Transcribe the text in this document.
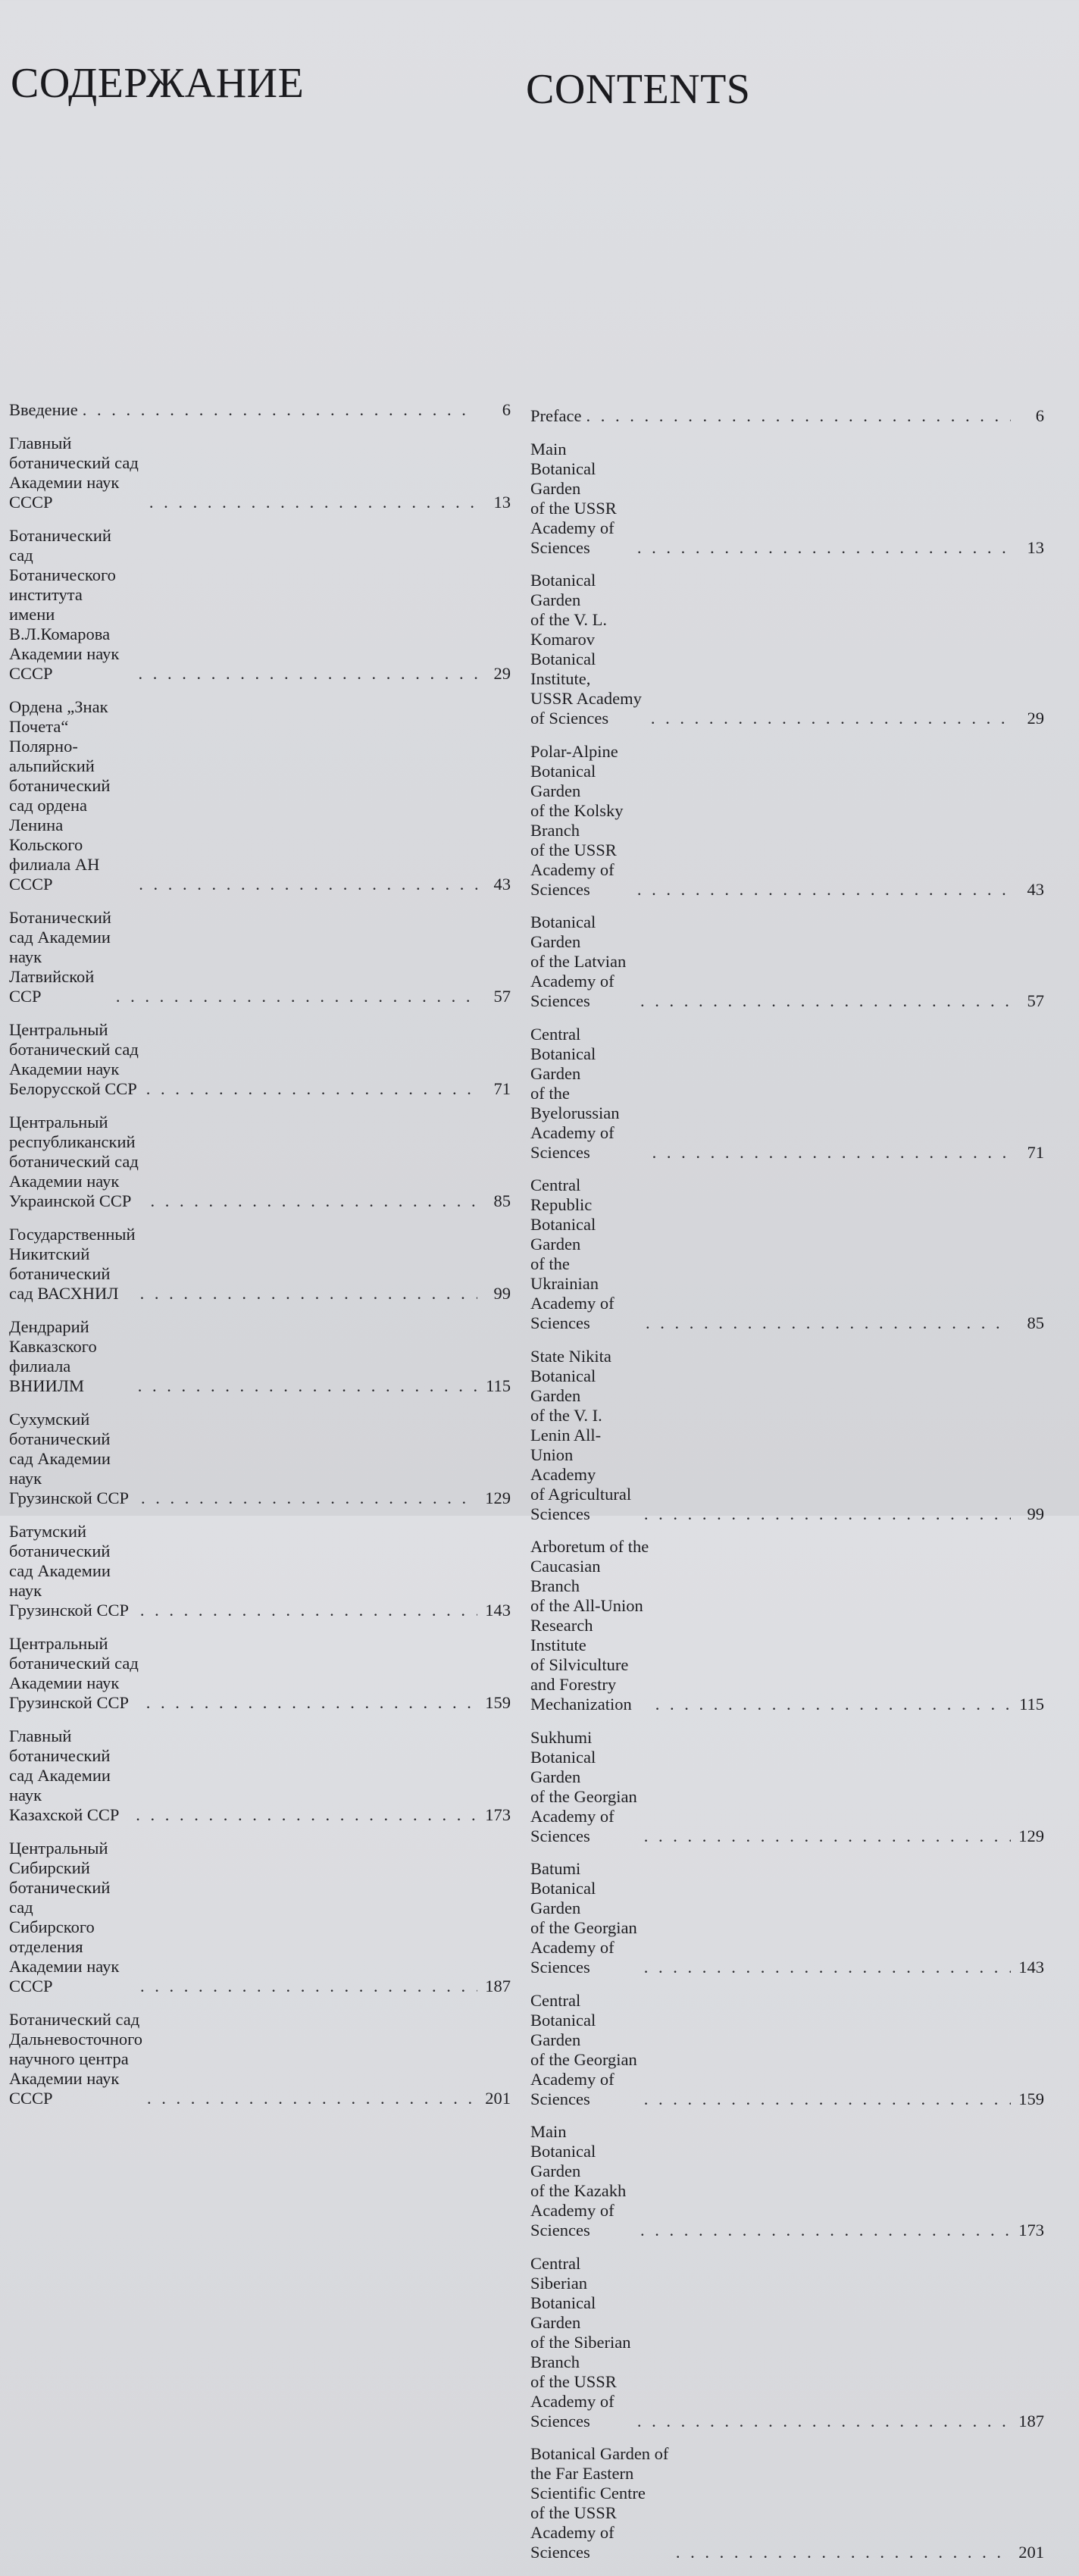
СОДЕРЖАНИЕ	CONTENTS
Введение . . .	6
Главный ботанический сад Академии наук СССР . . .	13
Ботанический сад Ботанического института
имени В.Л.Комарова Академии наук СССР . . .	29
Ордена „Знак Почета“ Полярно-альпийский
ботанический сад ордена Ленина
Кольского филиала АН СССР . . .	43
Ботанический сад Академии наук
Латвийской ССР . . .	57
Центральный ботанический сад Академии наук
Белорусской ССР . . .	71
Центральный республиканский ботанический сад
Академии наук Украинской ССР . . .	85
Государственный Никитский
ботанический сад ВАСХНИЛ . . .	99
Дендрарий Кавказского филиала ВНИИЛМ . . .	115
Сухумский ботанический сад Академии наук
Грузинской ССР . . .	129
Батумский ботанический сад Академии наук
Грузинской ССР . . .	143
Центральный ботанический сад Академии наук
Грузинской ССР . . .	159
Главный ботанический сад Академии наук
Казахской ССР . . .	173
Центральный Сибирский ботанический сад
Сибирского отделения Академии наук СССР . . .	187
Ботанический сад Дальневосточного
научного центра Академии наук СССР . . .	201
Preface . . .	6
Main Botanical Garden
of the USSR Academy of Sciences . . .	13
Botanical Garden
of the V. L. Komarov Botanical Institute,
USSR Academy of Sciences . . .	29
Polar-Alpine Botanical Garden
of the Kolsky Branch
of the USSR Academy of Sciences . . .	43
Botanical Garden
of the Latvian Academy of Sciences . . .	57
Central Botanical Garden
of the Byelorussian Academy of Sciences . . .	71
Central Republic Botanical Garden
of the Ukrainian Academy of Sciences . . .	85
State Nikita Botanical Garden
of the V. I. Lenin All-Union Academy
of Agricultural Sciences . . .	99
Arboretum of the Caucasian Branch
of the All-Union Research Institute
of Silviculture and Forestry Mechanization . . .	115
Sukhumi Botanical Garden
of the Georgian Academy of Sciences . . .	129
Batumi Botanical Garden
of the Georgian Academy of Sciences . . .	143
Central Botanical Garden
of the Georgian Academy of Sciences . . .	159
Main Botanical Garden
of the Kazakh Academy of Sciences . . .	173
Central Siberian Botanical Garden
of the Siberian Branch
of the USSR Academy of Sciences . . .	187
Botanical Garden of the Far Eastern Scientific Centre
of the USSR Academy of Sciences . . .	201
